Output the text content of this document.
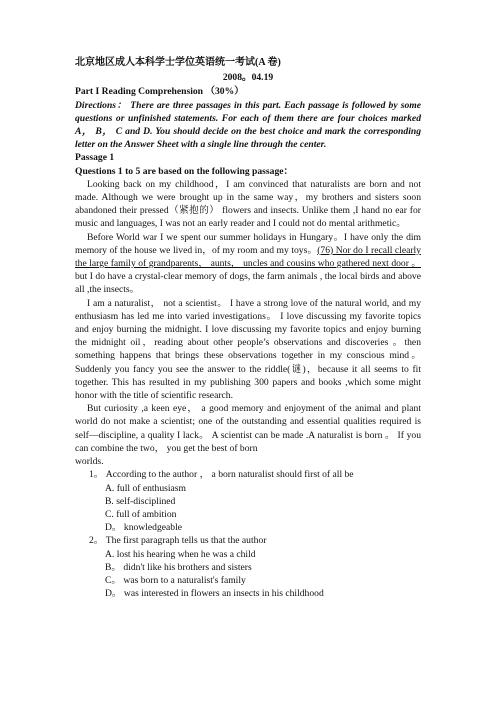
北京地区成人本科学士学位英语统一考试(A 卷)
2008。04.19
Part I Reading Comprehension （30%）
Directions： There are three passages in this part. Each passage is followed by some questions or unfinished statements. For each of them there are four choices marked A， B， C and D. You should decide on the best choice and mark the corresponding letter on the Answer Sheet with a single line through the center.
Passage 1
Questions 1 to 5 are based on the following passage：

Looking back on my childhood，I am convinced that naturalists are born and not made. Although we were brought up in the same way，my brothers and sisters soon abandoned their pressed（紧抱的） flowers and insects. Unlike them ,I hand no ear for music and languages, I was not an early reader and I could not do mental arithmetic。

Before World war I we spent our summer holidays in Hungary。I have only the dim memory of the house we lived in，of my room and my toys。(76) Nor do I recall clearly the large family of grandparents， aunts， uncles and cousins who gathered next door 。but I do have a crystal-clear memory of dogs, the farm animals , the local birds and above all ,the insects。

I am a naturalist， not a scientist。 I have a strong love of the natural world, and my enthusiasm has led me into varied investigations。 I love discussing my favorite topics and enjoy burning the midnight. I love discussing my favorite topics and enjoy burning the midnight oil，reading about other people’s observations and discoveries 。then something happens that brings these observations together in my conscious mind。 Suddenly you fancy you see the answer to the riddle(谜)，because it all seems to fit together. This has resulted in my publishing 300 papers and books ,which some might honor with the title of scientific research.

But curiosity ,a keen eye， a good memory and enjoyment of the animal and plant world do not make a scientist; one of the outstanding and essential qualities required is self—discipline, a quality I lack。 A scientist can be made .A naturalist is born 。 If you can combine the two， you get the best of born

worlds.
1。 According to the author ， a born naturalist should first of all be
A. full of enthusiasm
B. self-disciplined
C. full of ambition
D。 knowledgeable
2。 The first paragraph tells us that the author
A. lost his hearing when he was a child
B。 didn't like his brothers and sisters
C。 was born to a naturalist's family
D。 was interested in flowers an insects in his childhood
